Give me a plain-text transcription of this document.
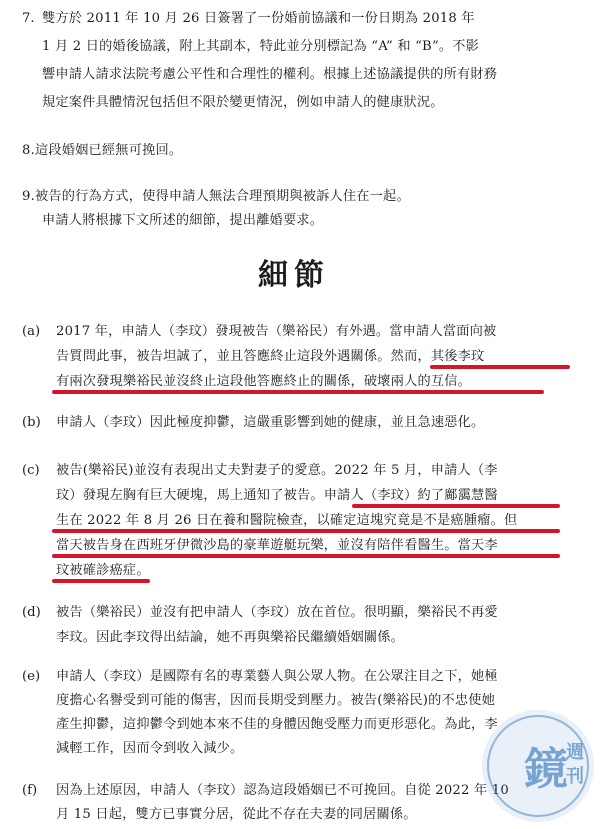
7. 雙方於 2011 年 10 月 26 日簽署了一份婚前協議和一份日期為 2018 年
1 月 2 日的婚後協議，附上其副本，特此並分別標記為 “A” 和 “B”。不影
響申請人請求法院考慮公平性和合理性的權利。根據上述協議提供的所有財務
規定案件具體情況包括但不限於變更情況，例如申請人的健康狀況。
8.這段婚姻已經無可挽回。
9.被告的行為方式，使得申請人無法合理預期與被訴人住在一起。
申請人將根據下文所述的細節，提出離婚要求。
細節
(a) 2017 年，申請人（李玟）發現被告（樂裕民）有外遇。當申請人當面向被
告質問此事，被告坦誠了，並且答應終止這段外遇關係。然而，其後李玟
有兩次發現樂裕民並沒終止這段他答應終止的關係，破壞兩人的互信。
(b) 申請人（李玟）因此極度抑鬱，這嚴重影響到她的健康，並且急速惡化。
(c) 被告(樂裕民)並沒有表現出丈夫對妻子的愛意。2022 年 5 月，申請人（李
玟）發現左胸有巨大硬塊，馬上通知了被告。申請人（李玟）約了鄺靄慧醫
生在 2022 年 8 月 26 日在養和醫院檢查，以確定這塊究竟是不是癌腫瘤。但
當天被告身在西班牙伊微沙島的豪華遊艇玩樂，並沒有陪伴看醫生。當天李
玟被確診癌症。
(d) 被告（樂裕民）並沒有把申請人（李玟）放在首位。很明顯，樂裕民不再愛
李玟。因此李玟得出結論，她不再與樂裕民繼續婚姻關係。
(e) 申請人（李玟）是國際有名的專業藝人與公眾人物。在公眾注目之下，她極
度擔心名譽受到可能的傷害，因而長期受到壓力。被告(樂裕民)的不忠使她
產生抑鬱，這抑鬱令到她本來不佳的身體因飽受壓力而更形惡化。為此，李
減輕工作，因而令到收入減少。
(f) 因為上述原因，申請人（李玟）認為這段婚姻已不可挽回。自從 2022 年 10
月 15 日起，雙方已事實分居，從此不存在夫妻的同居關係。
鏡
週
刊
